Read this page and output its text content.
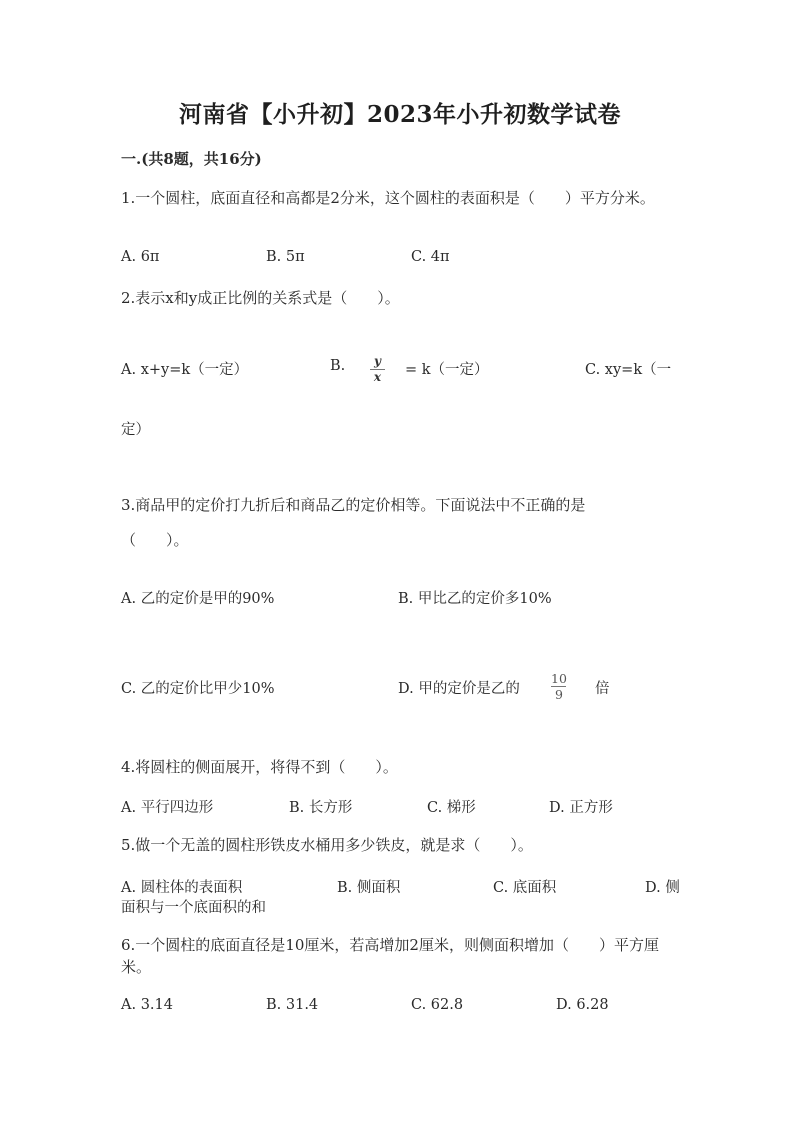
河南省【小升初】2023年小升初数学试卷
一.(共8题，共16分)
1.一个圆柱，底面直径和高都是2分米，这个圆柱的表面积是（　　）平方分米。
A. 6π	B. 5π	C. 4π
2.表示x和y成正比例的关系式是（　　）。
A. x+y=k（一定）	B. y
x = k（一定）	C. xy=k（一
定）
3.商品甲的定价打九折后和商品乙的定价相等。下面说法中不正确的是
（　　）。
A. 乙的定价是甲的90%	B. 甲比乙的定价多10%
C. 乙的定价比甲少10%	D. 甲的定价是乙的
10
9 倍
4.将圆柱的侧面展开，将得不到（　　）。
A. 平行四边形	B. 长方形	C. 梯形	D. 正方形
5.做一个无盖的圆柱形铁皮水桶用多少铁皮，就是求（　　）。
A. 圆柱体的表面积	B. 侧面积	C. 底面积	D. 侧
面积与一个底面积的和
6.一个圆柱的底面直径是10厘米，若高增加2厘米，则侧面积增加（　　）平方厘米。
A. 3.14	B. 31.4	C. 62.8	D. 6.28
